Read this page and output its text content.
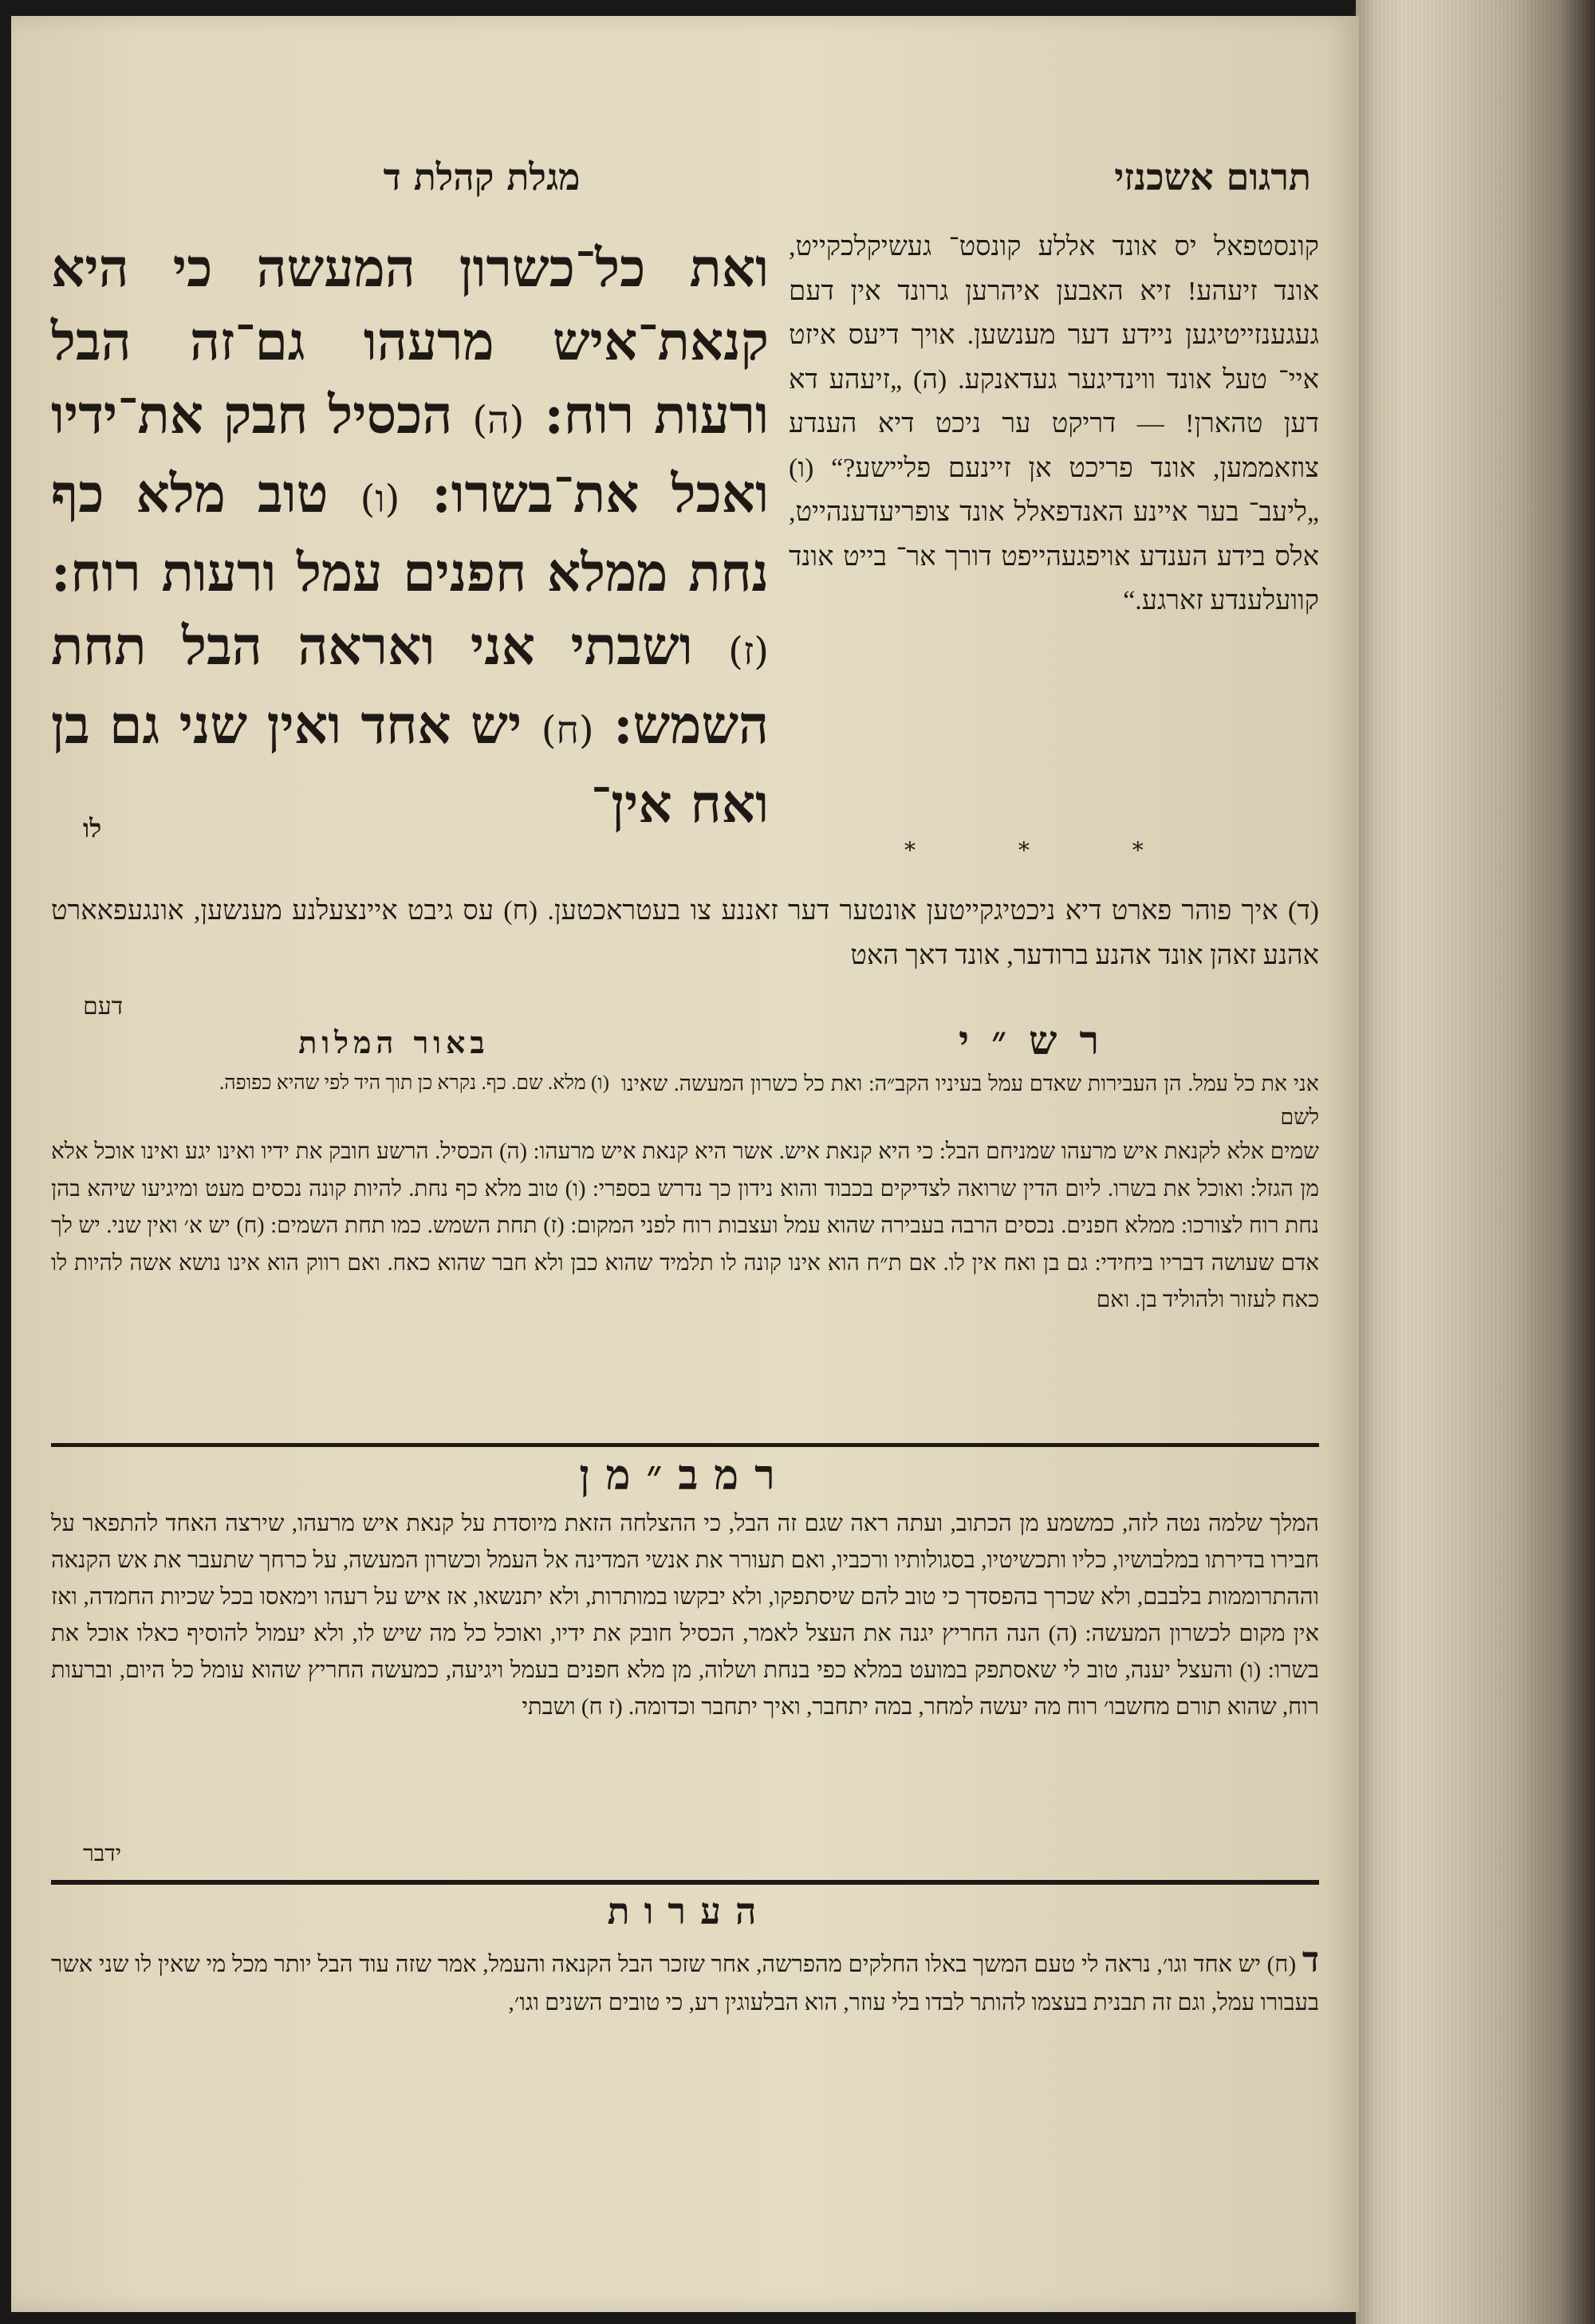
תרגום אשכנזי
מגלת קהלת ד
ואת כל־כשרון המעשה כי היא קנאת־איש מרעהו גם־זה הבל ורעות רוח: (ה) הכסיל חבק את־ידיו ואכל את־בשרו: (ו) טוב מלא כף נחת ממלא חפנים עמל ורעות רוח: (ז) ושבתי אני ואראה הבל תחת השמש: (ח) יש אחד ואין שני גם בן ואח אין־
לו
קונסטפאל יס אונד אללע קונסט־ געשיקלכקייט, אונד זיעהע! זיא האבען איהרען גרונד אין דעם געגענזייטיגען ניידע דער מענשען. אויך דיעס איזט איי־ טעל אונד ווינדיגער געדאנקע. (ה) „זיעהע דא דען טהארן! — דריקט ער ניכט דיא הענדע צוזאממען, אונד פריכט אן זיינעם פליישע?“ (ו) „ליעב־ בער איינע האנדפאלל אונד צופריעדענהייט, אלס בידע הענדע אויפגעהייפט דורך אר־ בייט אונד קוועלענדע זארגע.“
* * *
(ד) איך פוהר פארט דיא ניכטיגקייטען אונטער דער זאננע צו בעטראכטען. (ח) עס גיבט איינצעלנע מענשען, אונגעפאארט אהנע זאהן אונד אהנע ברודער, אונד דאך האט
דעם
רש״י
באור המלות
אני את כל עמל. הן העבירות שאדם עמל בעיניו הקב״ה: ואת כל כשרון המעשה. שאינו לשם
(ו) מלא. שם. כף. נקרא כן תוך היד לפי שהיא כפופה.
שמים אלא לקנאת איש מרעהו שמניחם הבל: כי היא קנאת איש. אשר היא קנאת איש מרעהו: (ה) הכסיל. הרשע חובק את ידיו ואינו יגע ואינו אוכל אלא מן הגזל: ואוכל את בשרו. ליום הדין שרואה לצדיקים בכבוד והוא נידון כך נדרש בספרי: (ו) טוב מלא כף נחת. להיות קונה נכסים מעט ומיגיעו שיהא בהן נחת רוח לצורכו: ממלא חפנים. נכסים הרבה בעבירה שהוא עמל ועצבות רוח לפני המקום: (ז) תחת השמש. כמו תחת השמים: (ח) יש א׳ ואין שני. יש לך אדם שעושה דבריו ביחידי: גם בן ואח אין לו. אם ת״ח הוא אינו קונה לו תלמיד שהוא כבן ולא חבר שהוא כאח. ואם רווק הוא אינו נושא אשה להיות לו כאח לעזור ולהוליד בן. ואם
רמב״מן
המלך שלמה נטה לזה, כמשמע מן הכתוב, ועתה ראה שגם זה הבל, כי ההצלחה הזאת מיוסדת על קנאת איש מרעהו, שירצה האחד להתפאר על חבירו בדירתו במלבושיו, כליו ותכשיטיו, בסגולותיו ורכביו, ואם תעורר את אנשי המדינה אל העמל וכשרון המעשה, על כרחך שתעבר את אש הקנאה וההתרוממות בלבבם, ולא שכרך בהפסדך כי טוב להם שיסתפקו, ולא יבקשו במותרות, ולא יתנשאו, אז איש על רעהו וימאסו בכל שכיות החמדה, ואז אין מקום לכשרון המעשה: (ה) הנה החריץ יגנה את העצל לאמר, הכסיל חובק את ידיו, ואוכל כל מה שיש לו, ולא יעמול להוסיף כאלו אוכל את בשרו: (ו) והעצל יענה, טוב לי שאסתפק במועט במלא כפי בנחת ושלוה, מן מלא חפנים בעמל ויגיעה, כמעשה החריץ שהוא עומל כל היום, וברעות רוח, שהוא תורם מחשבו׳ רוח מה יעשה למחר, במה יתחבר, ואיך יתחבר וכדומה. (ז ח) ושבתי
ידבר
הערות
ד (ח) יש אחד וגו׳, נראה לי טעם המשך באלו החלקים מהפרשה, אחר שזכר הבל הקנאה והעמל, אמר שזה עוד הבל יותר מכל מי שאין לו שני אשר בעבורו עמל, וגם זה תבנית בעצמו להותר לבדו בלי עוזר, הוא הבלעוגין רע, כי טובים השנים וגו׳,
